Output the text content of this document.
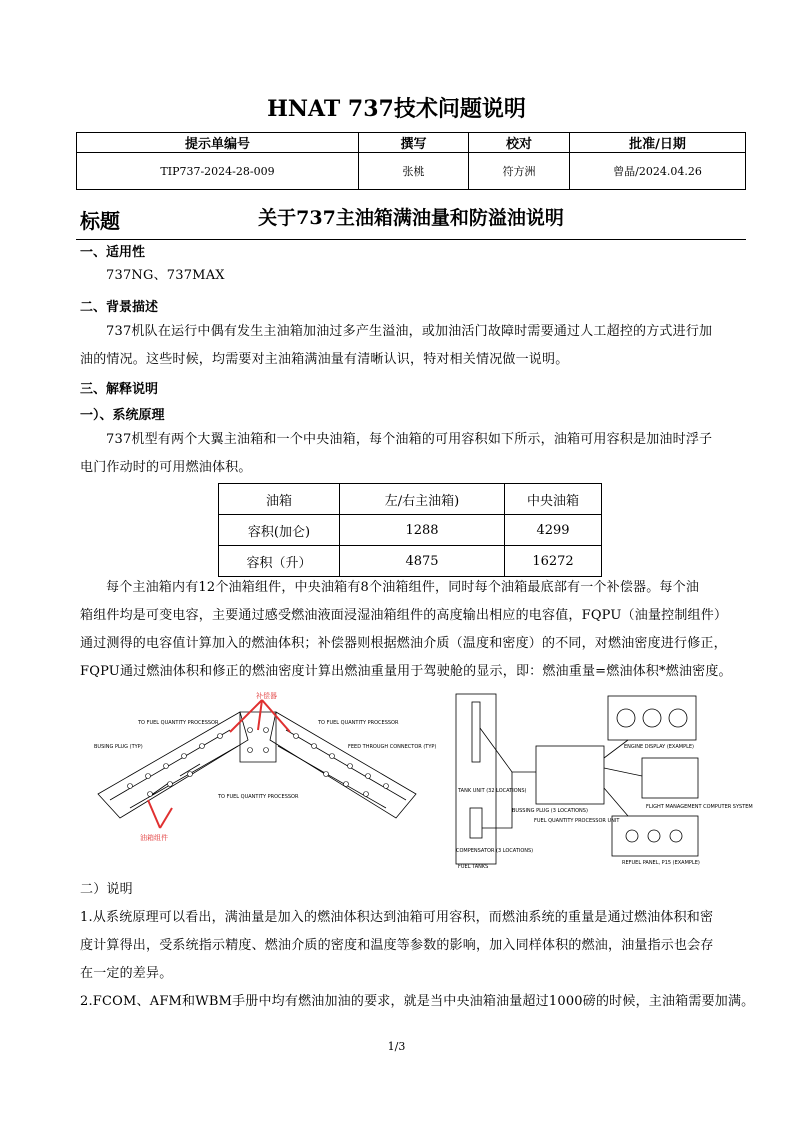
HNAT 737技术问题说明
提示单编号	撰写	校对	批准/日期
TIP737-2024-28-009	张桃	符方洲	曾晶/2024.04.26
标题	关于737主油箱满油量和防溢油说明
一、适用性
737NG、737MAX
二、背景描述
737机队在运行中偶有发生主油箱加油过多产生溢油，或加油活门故障时需要通过人工超控的方式进行加
油的情况。这些时候，均需要对主油箱满油量有清晰认识，特对相关情况做一说明。
三、解释说明
一）、系统原理
737机型有两个大翼主油箱和一个中央油箱，每个油箱的可用容积如下所示，油箱可用容积是加油时浮子
电门作动时的可用燃油体积。
油箱	左/右主油箱)	中央油箱
容积(加仑)	1288	4299
容积（升）	4875	16272
每个主油箱内有12个油箱组件，中央油箱有8个油箱组件，同时每个油箱最底部有一个补偿器。每个油
箱组件均是可变电容，主要通过感受燃油液面浸湿油箱组件的高度输出相应的电容值，FQPU（油量控制组件）
通过测得的电容值计算加入的燃油体积；补偿器则根据燃油介质（温度和密度）的不同，对燃油密度进行修正，
FQPU通过燃油体积和修正的燃油密度计算出燃油重量用于驾驶舱的显示，即：燃油重量=燃油体积*燃油密度。
补偿器
油箱组件
TO FUEL QUANTITY PROCESSOR	TO FUEL QUANTITY PROCESSOR
TO FUEL QUANTITY PROCESSOR
BUSING PLUG (TYP)	FEED THROUGH CONNECTOR (TYP)	ENGINE DISPLAY (EXAMPLE)
FLIGHT MANAGEMENT COMPUTER SYSTEM
TANK UNIT (32 LOCATIONS)
BUSSING PLUG (3 LOCATIONS)
COMPENSATOR (3 LOCATIONS)
FUEL TANKS
FUEL QUANTITY PROCESSOR UNIT
REFUEL PANEL, P15 (EXAMPLE)
二）说明
1.从系统原理可以看出，满油量是加入的燃油体积达到油箱可用容积，而燃油系统的重量是通过燃油体积和密
度计算得出，受系统指示精度、燃油介质的密度和温度等参数的影响，加入同样体积的燃油，油量指示也会存
在一定的差异。
2.FCOM、AFM和WBM手册中均有燃油加油的要求，就是当中央油箱油量超过1000磅的时候，主油箱需要加满。
1/3
